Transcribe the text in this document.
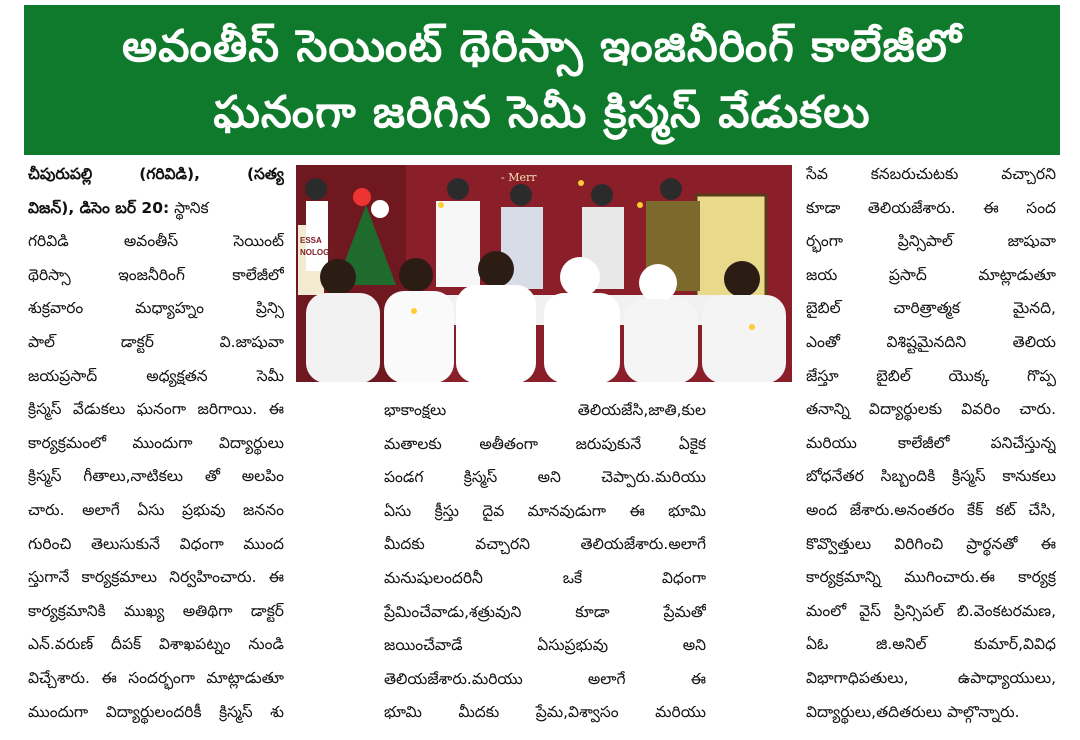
అవంతీస్ సెయింట్ థెరిస్సా ఇంజినీరింగ్ కాలేజీలో
ఘనంగా జరిగిన సెమీ క్రిస్మస్ వేడుకలు
చీపురుపల్లి (గరివిడి), (సత్య
విజన్), డిసెం బర్ 20: స్థానిక
గరివిడి అవంతీస్ సెయింట్
థెరిస్సా ఇంజనీరింగ్ కాలేజీలో
శుక్రవారం మధ్యాహ్నం ప్రిన్సి
పాల్ డాక్టర్ వి.జాషువా
జయప్రసాద్ అధ్యక్షతన సెమీ
క్రిస్మస్ వేడుకలు ఘనంగా జరిగాయి. ఈ
కార్యక్రమంలో ముందుగా విద్యార్థులు
క్రిస్మస్ గీతాలు,నాటికలు తో అలపిం
చారు. అలాగే ఏసు ప్రభువు జననం
గురించి తెలుసుకునే విధంగా ముంద
స్తుగానే కార్యక్రమాలు నిర్వహించారు. ఈ
కార్యక్రమానికి ముఖ్య అతిథిగా డాక్టర్
ఎన్.వరుణ్ దీపక్ విశాఖపట్నం నుండి
విచ్చేశారు. ఈ సందర్భంగా మాట్లాడుతూ
ముందుగా విద్యార్థులందరికీ క్రిస్మస్ శు
ESSA
NOLOGY
- Merr
భాకాంక్షలు తెలియజేసి,జాతి,కుల
మతాలకు అతీతంగా జరుపుకునే ఏకైక
పండగ క్రిస్మస్ అని చెప్పారు.మరియు
ఏసు క్రీస్తు దైవ మానవుడుగా ఈ భూమి
మీదకు వచ్చారని తెలియజేశారు.అలాగే
మనుషులందరినీ ఒకే విధంగా
ప్రేమించేవాడు,శత్రువుని కూడా ప్రేమతో
జయించేవాడే ఏసుప్రభువు అని
తెలియజేశారు.మరియు అలాగే ఈ
భూమి మీదకు ప్రేమ,విశ్వాసం మరియు
సేవ కనబరుచుటకు వచ్చారని
కూడా తెలియజేశారు. ఈ సంద
ర్భంగా ప్రిన్సిపాల్ జాషువా
జయ ప్రసాద్ మాట్లాడుతూ
బైబిల్ చారిత్రాత్మక మైనది,
ఎంతో విశిష్టమైనదిని తెలియ
జేస్తూ బైబిల్ యొక్క గొప్ప
తనాన్ని విద్యార్థులకు వివరిం చారు.
మరియు కాలేజీలో పనిచేస్తున్న
బోధనేతర సిబ్బందికి క్రిస్మస్ కానుకలు
అంద జేశారు.అనంతరం కేక్ కట్ చేసి,
కొవ్వొత్తులు విరిగించి ప్రార్థనతో ఈ
కార్యక్రమాన్ని ముగించారు.ఈ కార్యక్ర
మంలో వైస్ ప్రిన్సిపల్ బి.వెంకటరమణ,
ఏఓ జి.అనిల్ కుమార్,వివిధ
విభాగాధిపతులు, ఉపాధ్యాయులు,
విద్యార్థులు,తదితరులు పాల్గొన్నారు.
